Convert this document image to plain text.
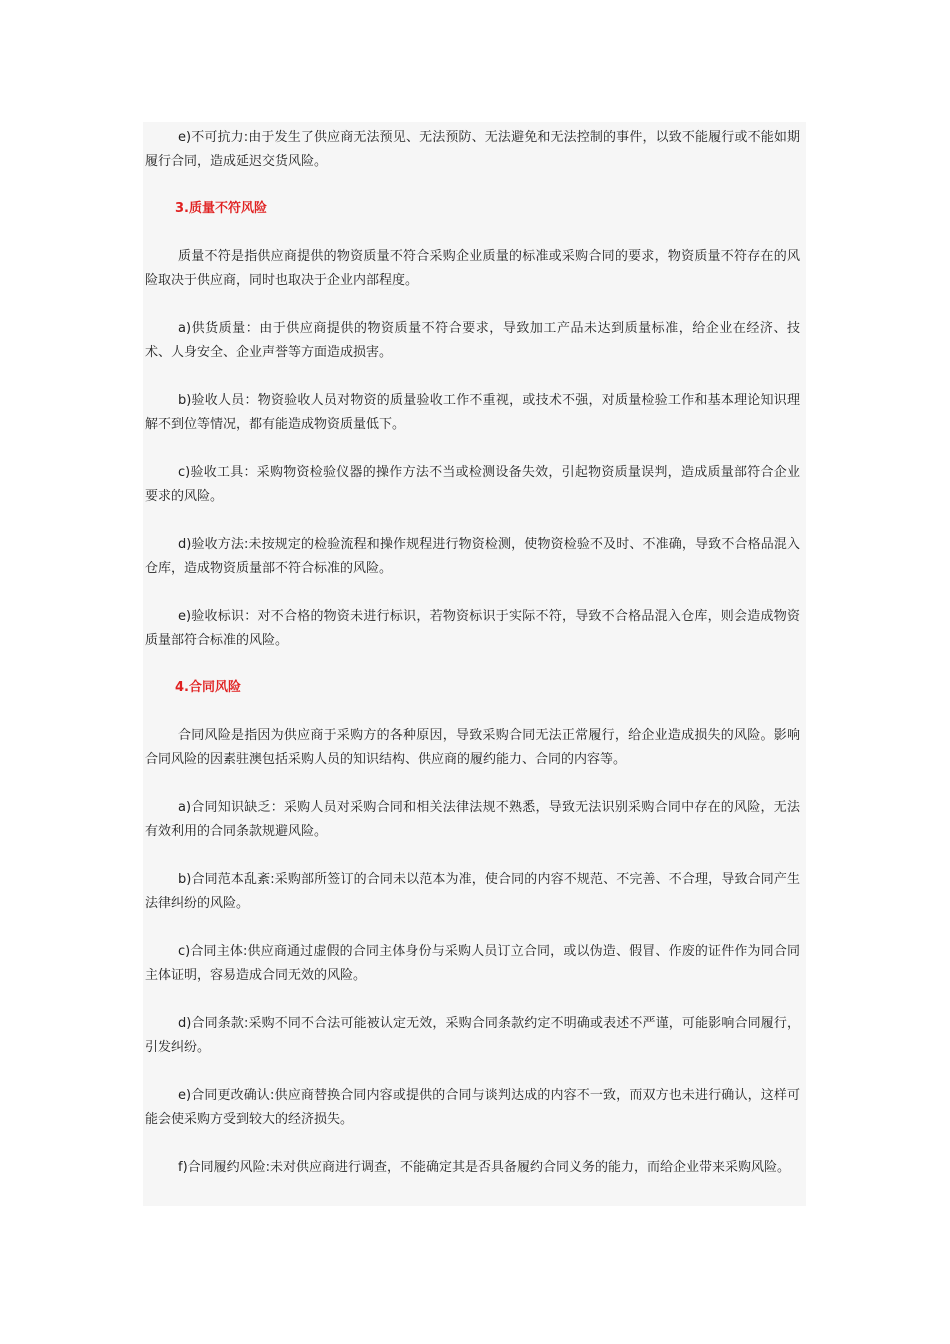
e)不可抗力:由于发生了供应商无法预见、无法预防、无法避免和无法控制的事件，以致不能履行或不能如期履行合同，造成延迟交货风险。

3.质量不符风险

质量不符是指供应商提供的物资质量不符合采购企业质量的标准或采购合同的要求，物资质量不符存在的风险取决于供应商，同时也取决于企业内部程度。

a)供货质量：由于供应商提供的物资质量不符合要求，导致加工产品未达到质量标准，给企业在经济、技术、人身安全、企业声誉等方面造成损害。

b)验收人员：物资验收人员对物资的质量验收工作不重视，或技术不强，对质量检验工作和基本理论知识理解不到位等情况，都有能造成物资质量低下。

c)验收工具：采购物资检验仪器的操作方法不当或检测设备失效，引起物资质量误判，造成质量部符合企业要求的风险。

d)验收方法:未按规定的检验流程和操作规程进行物资检测，使物资检验不及时、不准确，导致不合格品混入仓库，造成物资质量部不符合标准的风险。

e)验收标识：对不合格的物资未进行标识，若物资标识于实际不符，导致不合格品混入仓库，则会造成物资质量部符合标准的风险。

4.合同风险

合同风险是指因为供应商于采购方的各种原因，导致采购合同无法正常履行，给企业造成损失的风险。影响合同风险的因素驻澳包括采购人员的知识结构、供应商的履约能力、合同的内容等。

a)合同知识缺乏：采购人员对采购合同和相关法律法规不熟悉，导致无法识别采购合同中存在的风险，无法有效利用的合同条款规避风险。

b)合同范本乱紊:采购部所签订的合同未以范本为准，使合同的内容不规范、不完善、不合理，导致合同产生法律纠纷的风险。

c)合同主体:供应商通过虚假的合同主体身份与采购人员订立合同，或以伪造、假冒、作废的证件作为同合同主体证明，容易造成合同无效的风险。

d)合同条款:采购不同不合法可能被认定无效，采购合同条款约定不明确或表述不严谨，可能影响合同履行，引发纠纷。

e)合同更改确认:供应商替换合同内容或提供的合同与谈判达成的内容不一致，而双方也未进行确认，这样可能会使采购方受到较大的经济损失。

f)合同履约风险:未对供应商进行调查，不能确定其是否具备履约合同义务的能力，而给企业带来采购风险。
